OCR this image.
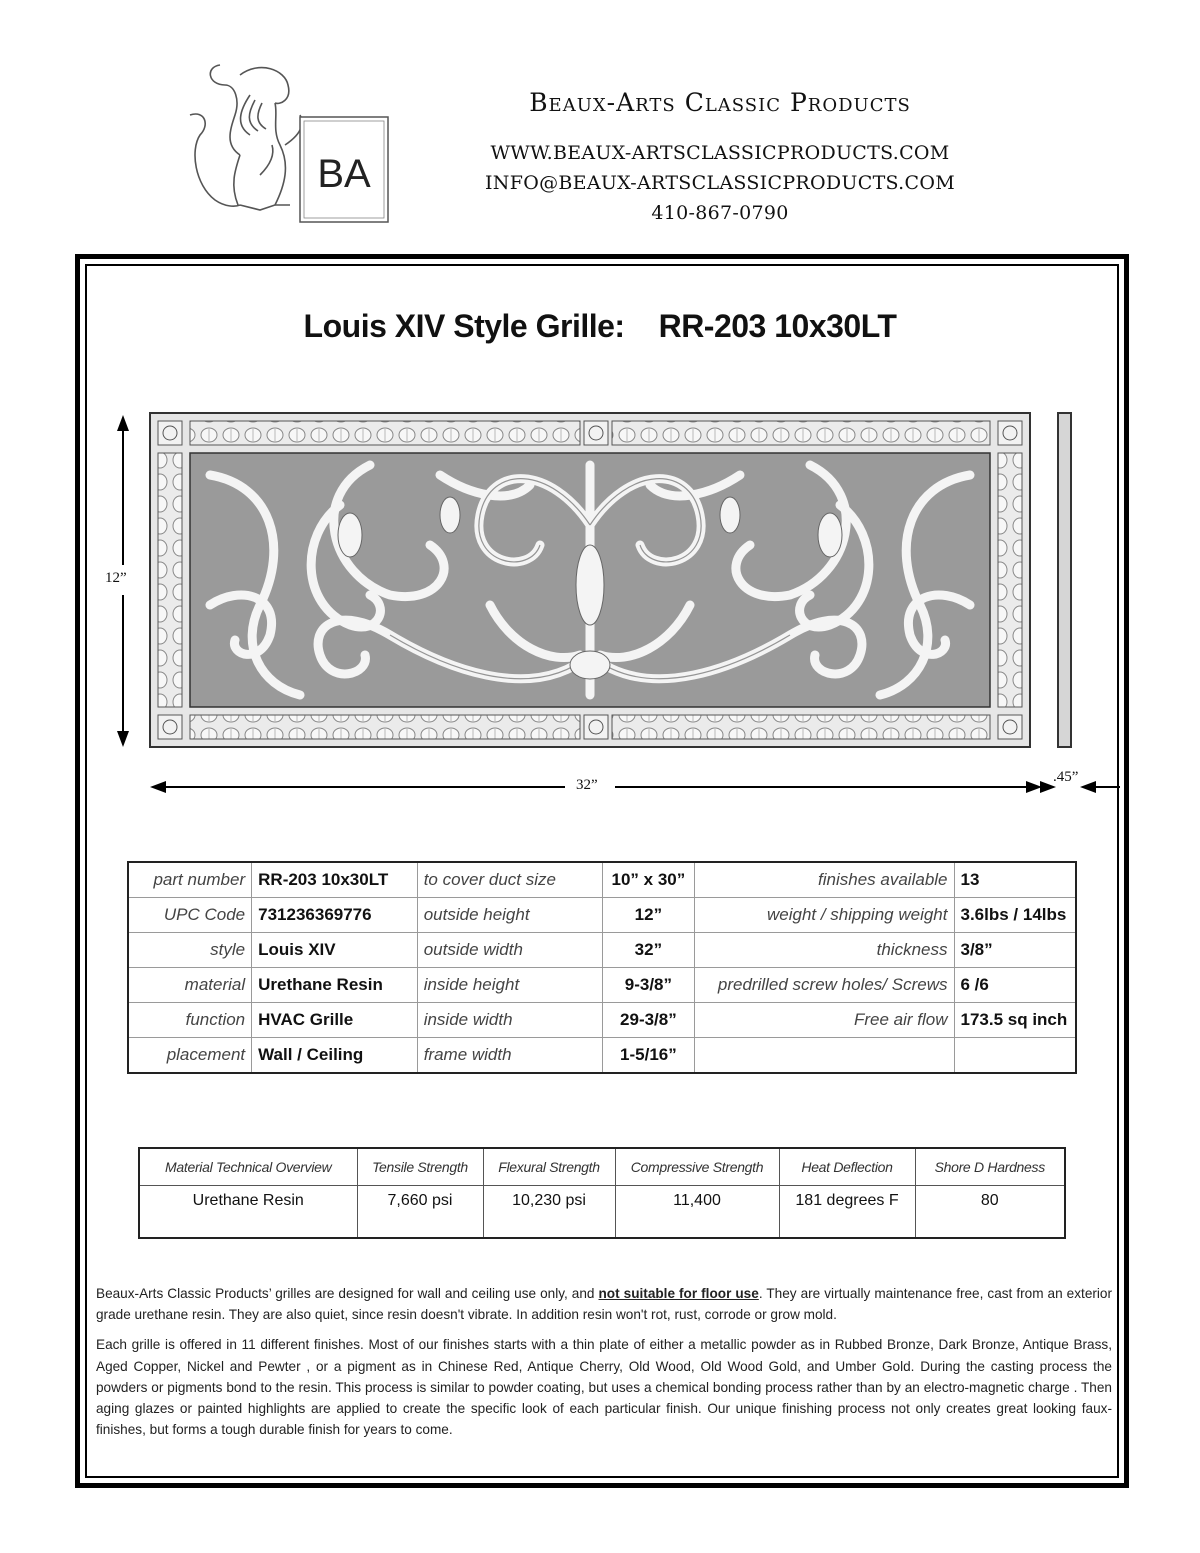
BA

Beaux-Arts Classic Products

WWW.BEAUX-ARTSCLASSICPRODUCTS.COM

INFO@BEAUX-ARTSCLASSICPRODUCTS.COM

410-867-0790

Louis XIV Style Grille: RR-203 10x30LT
12”
32”	.45”
part number	RR-203 10x30LT	to cover duct size	10” x 30”	finishes available	13
UPC Code	731236369776	outside height	12”	weight / shipping weight	3.6lbs / 14lbs
style	Louis XIV	outside width	32”	thickness	3/8”
material	Urethane Resin	inside height	9-3/8”	predrilled screw holes/ Screws	6 /6
function	HVAC Grille	inside width	29-3/8”	Free air flow	173.5 sq inch
placement	Wall / Ceiling	frame width	1-5/16”		
Material Technical Overview	Tensile Strength	Flexural Strength	Compressive Strength	Heat Deflection	Shore D Hardness
Urethane Resin	7,660 psi	10,230 psi	11,400	181 degrees F	80

Beaux-Arts Classic Products’ grilles are designed for wall and ceiling use only, and not suitable for floor use. They are virtually maintenance free, cast from an exterior grade urethane resin. They are also quiet, since resin doesn't vibrate. In addition resin won't rot, rust, corrode or grow mold.

Each grille is offered in 11 different finishes. Most of our finishes starts with a thin plate of either a metallic powder as in Rubbed Bronze, Dark Bronze, Antique Brass, Aged Copper, Nickel and Pewter , or a pigment as in Chinese Red, Antique Cherry, Old Wood, Old Wood Gold, and Umber Gold. During the casting process the powders or pigments bond to the resin. This process is similar to powder coating, but uses a chemical bonding process rather than by an electro-magnetic charge . Then aging glazes or painted highlights are applied to create the specific look of each particular finish. Our unique finishing process not only creates great looking faux-finishes, but forms a tough durable finish for years to come.
